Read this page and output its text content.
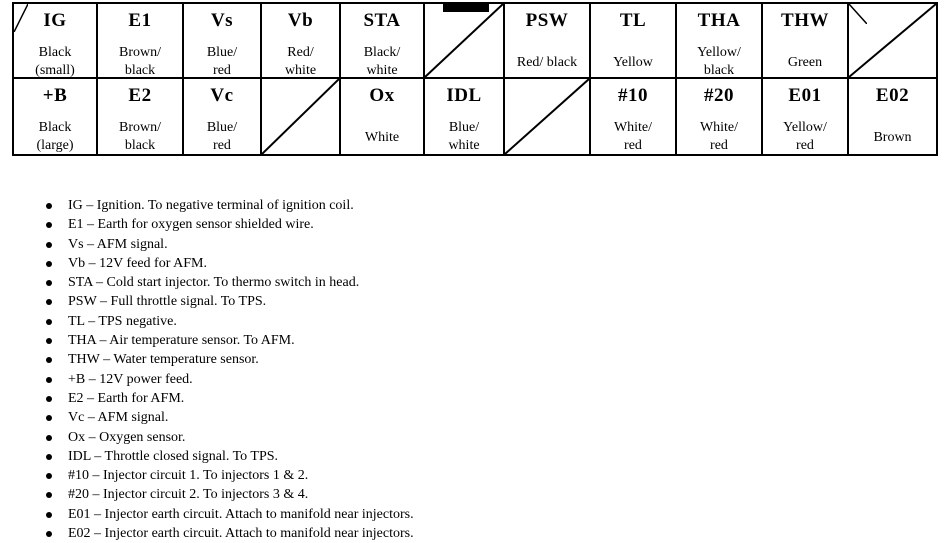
IG
Black
(small)
E1
Brown/
black
Vs
Blue/
red
Vb
Red/
white
STA
Black/
white
PSW
Red/ black
TL
Yellow
THA
Yellow/
black
THW
Green
+B
Black
(large)
E2
Brown/
black
Vc
Blue/
red
Ox
White
IDL
Blue/
white
#10
White/
red
#20
White/
red
E01
Yellow/
red
E02
Brown
IG – Ignition. To negative terminal of ignition coil.
E1 – Earth for oxygen sensor shielded wire.
Vs – AFM signal.
Vb – 12V feed for AFM.
STA – Cold start injector. To thermo switch in head.
PSW – Full throttle signal. To TPS.
TL – TPS negative.
THA – Air temperature sensor. To AFM.
THW – Water temperature sensor.
+B – 12V power feed.
E2 – Earth for AFM.
Vc – AFM signal.
Ox – Oxygen sensor.
IDL – Throttle closed signal. To TPS.
#10 – Injector circuit 1. To injectors 1 & 2.
#20 – Injector circuit 2. To injectors 3 & 4.
E01 – Injector earth circuit. Attach to manifold near injectors.
E02 – Injector earth circuit. Attach to manifold near injectors.
